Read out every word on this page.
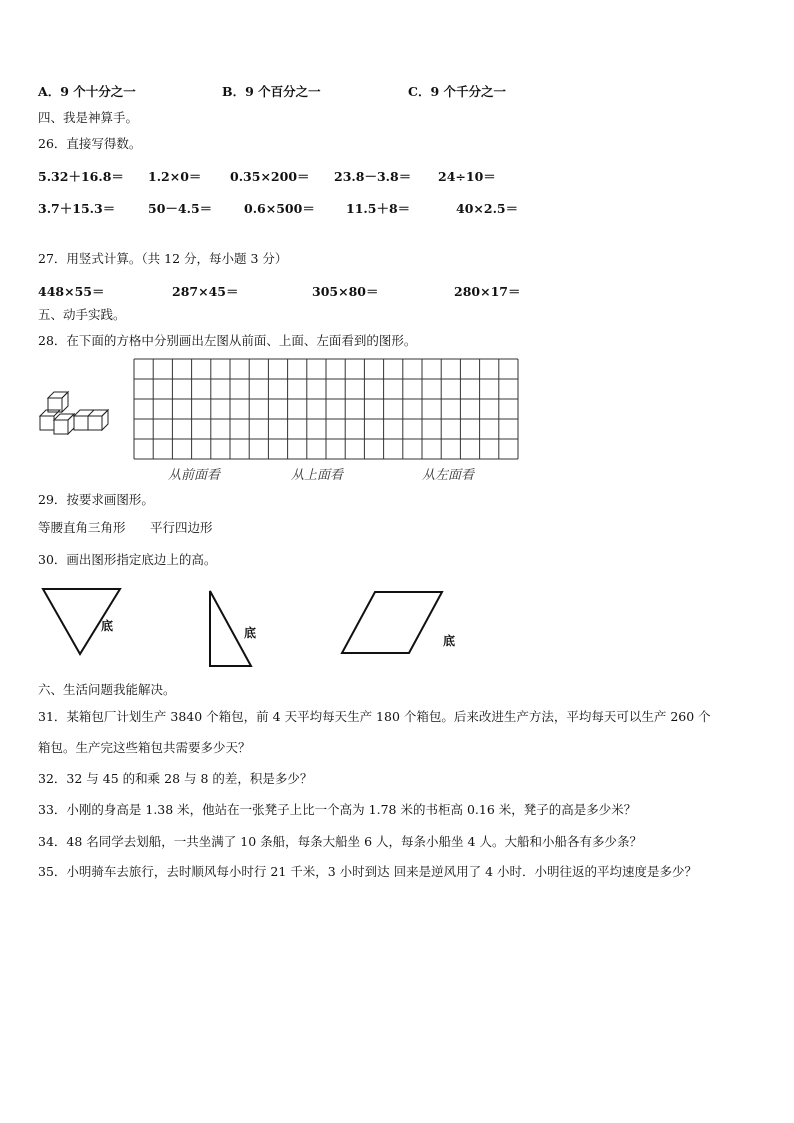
A．9 个十分之一	B．9 个百分之一	C．9 个千分之一
四、我是神算手。
26．直接写得数。
5.32＋16.8＝ 1.2×0＝ 0.35×200＝ 23.8－3.8＝ 24÷10＝
3.7＋15.3＝	50－4.5＝	0.6×500＝ 11.5＋8＝	40×2.5＝
27．用竖式计算。（共 12 分，每小题 3 分）
448×55＝	287×45＝	305×80＝	280×17＝
五、动手实践。
28．在下面的方格中分别画出左图从前面、上面、左面看到的图形。
从前面看	从上面看	从左面看
29．按要求画图形。
等腰直角三角形 平行四边形
30．画出图形指定底边上的高。
底	底
底
六、生活问题我能解决。
31．某箱包厂计划生产 3840 个箱包，前 4 天平均每天生产 180 个箱包。后来改进生产方法，平均每天可以生产 260 个
箱包。生产完这些箱包共需要多少天？
32．32 与 45 的和乘 28 与 8 的差，积是多少？
33．小刚的身高是 1.38 米，他站在一张凳子上比一个高为 1.78 米的书柜高 0.16 米，凳子的高是多少米？
34．48 名同学去划船，一共坐满了 10 条船，每条大船坐 6 人，每条小船坐 4 人。大船和小船各有多少条？
35．小明骑车去旅行，去时顺风每小时行 21 千米，3 小时到达 回来是逆风用了 4 小时．小明往返的平均速度是多少？
